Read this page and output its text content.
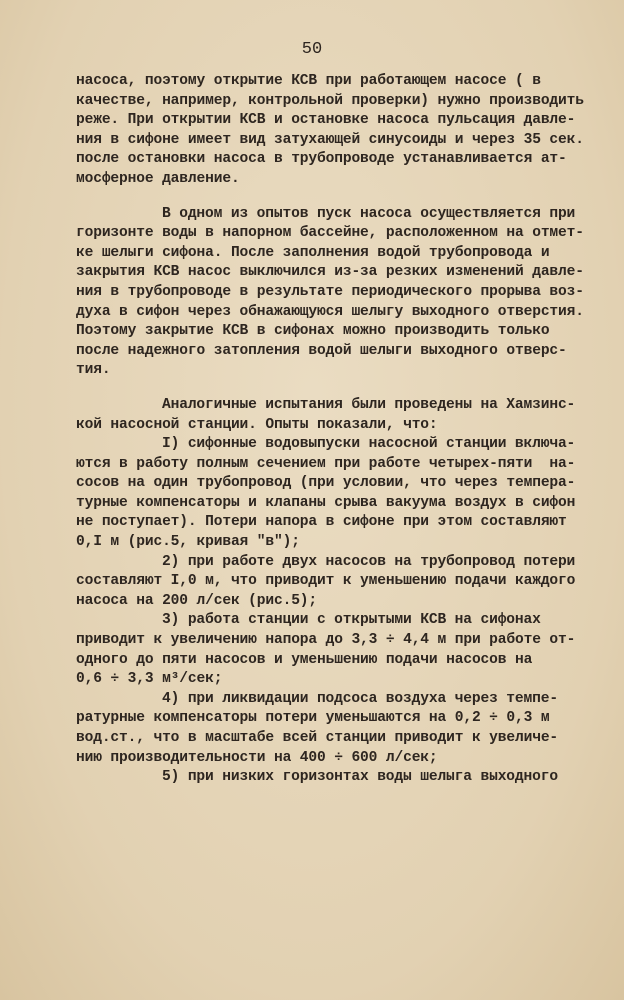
50
насоса, поэтому открытие КСВ при работающем насосе ( в
качестве, например, контрольной проверки) нужно производить
реже. При открытии КСВ и остановке насоса пульсация давле-
ния в сифоне имеет вид затухающей синусоиды и через 35 сек.
после остановки насоса в трубопроводе устанавливается ат-
мосферное давление.
В одном из опытов пуск насоса осуществляется при
горизонте воды в напорном бассейне, расположенном на отмет-
ке шелыги сифона. После заполнения водой трубопровода и
закрытия КСВ насос выключился из-за резких изменений давле-
ния в трубопроводе в результате периодического прорыва воз-
духа в сифон через обнажающуюся шелыгу выходного отверстия.
Поэтому закрытие КСВ в сифонах можно производить только
после надежного затопления водой шелыги выходного отверс-
тия.
Аналогичные испытания были проведены на Хамзинс-
кой насосной станции. Опыты показали, что:
I) сифонные водовыпуски насосной станции включа-
ются в работу полным сечением при работе четырех-пяти  на-
сосов на один трубопровод (при условии, что через темпера-
турные компенсаторы и клапаны срыва вакуума воздух в сифон
не поступает). Потери напора в сифоне при этом составляют
0,I м (рис.5, кривая "в");
2) при работе двух насосов на трубопровод потери
составляют I,0 м, что приводит к уменьшению подачи каждого
насоса на 200 л/сек (рис.5);
3) работа станции с открытыми КСВ на сифонах
приводит к увеличению напора до 3,3 ÷ 4,4 м при работе от-
одного до пяти насосов и уменьшению подачи насосов на
0,6 ÷ 3,3 м³/сек;
4) при ликвидации подсоса воздуха через темпе-
ратурные компенсаторы потери уменьшаются на 0,2 ÷ 0,3 м
вод.ст., что в масштабе всей станции приводит к увеличе-
нию производительности на 400 ÷ 600 л/сек;
5) при низких горизонтах воды шелыга выходного
